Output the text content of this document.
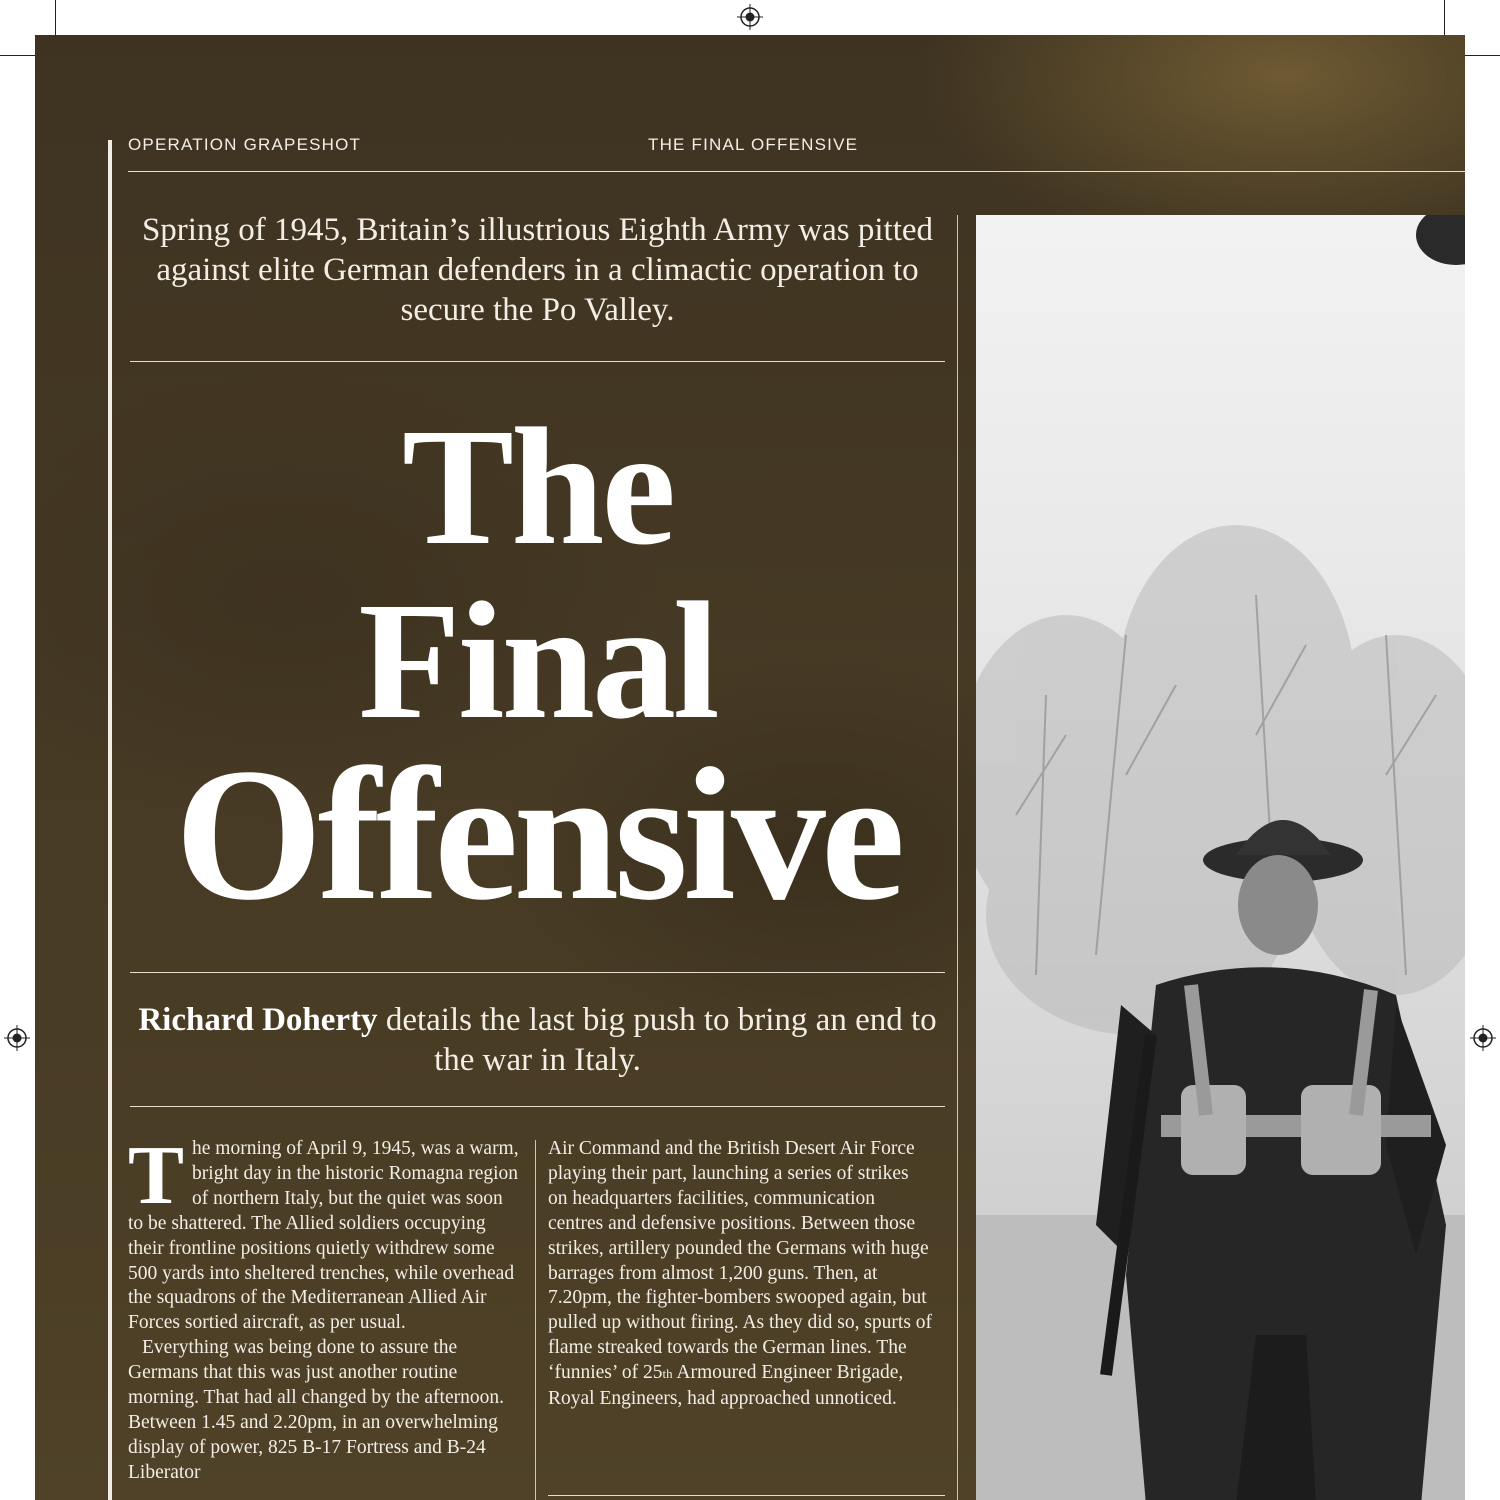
OPERATION GRAPESHOT	THE FINAL OFFENSIVE
Spring of 1945, Britain’s illustrious Eighth Army was pitted against elite German defenders in a climactic operation to secure the Po Valley.
The
Final
Offensive
Richard Doherty details the last big push to bring an end to the war in Italy.

The morning of April 9, 1945, was a warm, bright day in the historic Romagna region of northern Italy, but the quiet was soon to be shattered. The Allied soldiers occupying their frontline positions quietly withdrew some 500 yards into sheltered trenches, while overhead the squadrons of the Mediterranean Allied Air Forces sortied aircraft, as per usual.

Everything was being done to assure the Germans that this was just another routine morning. That had all changed by the afternoon. Between 1.45 and 2.20pm, in an overwhelming display of power, 825 B-17 Fortress and B-24 Liberator

Air Command and the British Desert Air Force playing their part, launching a series of strikes on headquarters facilities, communication centres and defensive positions. Between those strikes, artillery pounded the Germans with huge barrages from almost 1,200 guns. Then, at 7.20pm, the fighter-bombers swooped again, but pulled up without firing. As they did so, spurts of flame streaked towards the German lines. The ‘funnies’ of 25th Armoured Engineer Brigade, Royal Engineers, had approached unnoticed.
